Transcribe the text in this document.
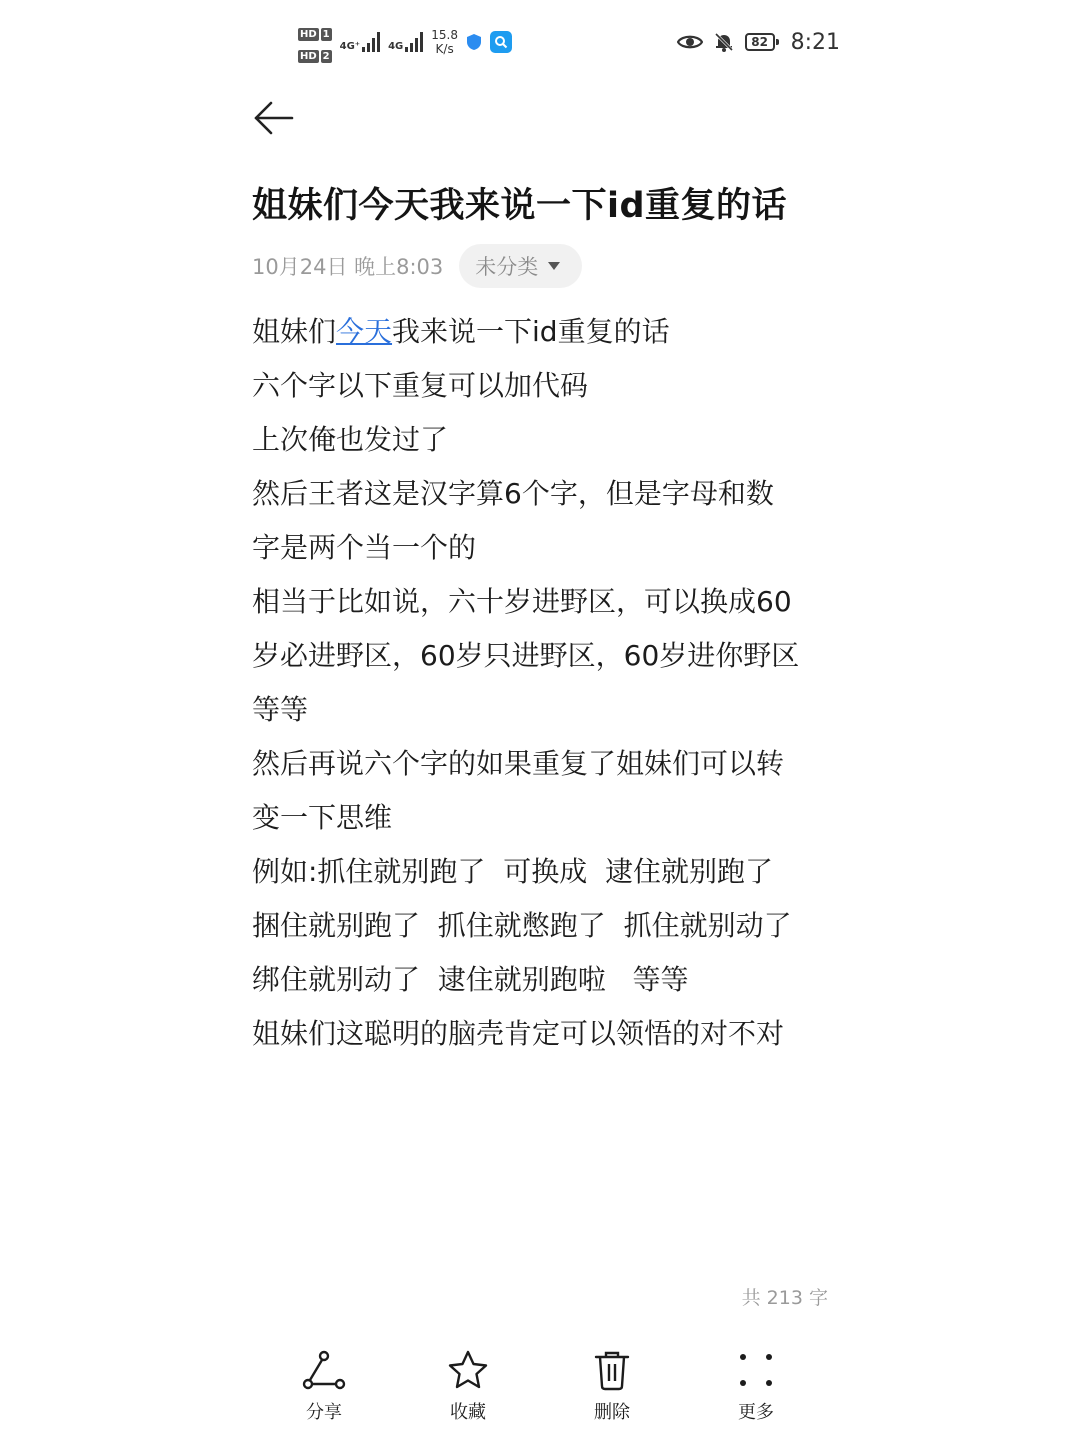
HD 1
HD 2
4G⁺	4G
15.8
K/s	82 8:21
姐妹们今天我来说一下id重复的话
10月24日 晚上8:03 未分类
姐妹们今天我来说一下id重复的话
六个字以下重复可以加代码
上次俺也发过了
然后王者这是汉字算6个字，但是字母和数
字是两个当一个的
相当于比如说，六十岁进野区，可以换成60
岁必进野区，60岁只进野区，60岁进你野区
等等
然后再说六个字的如果重复了姐妹们可以转
变一下思维
例如:抓住就别跑了  可换成  逮住就别跑了
捆住就别跑了  抓住就憋跑了  抓住就别动了
绑住就别动了  逮住就别跑啦   等等
姐妹们这聪明的脑壳肯定可以领悟的对不对
共 213 字
分享	收藏	删除	更多
